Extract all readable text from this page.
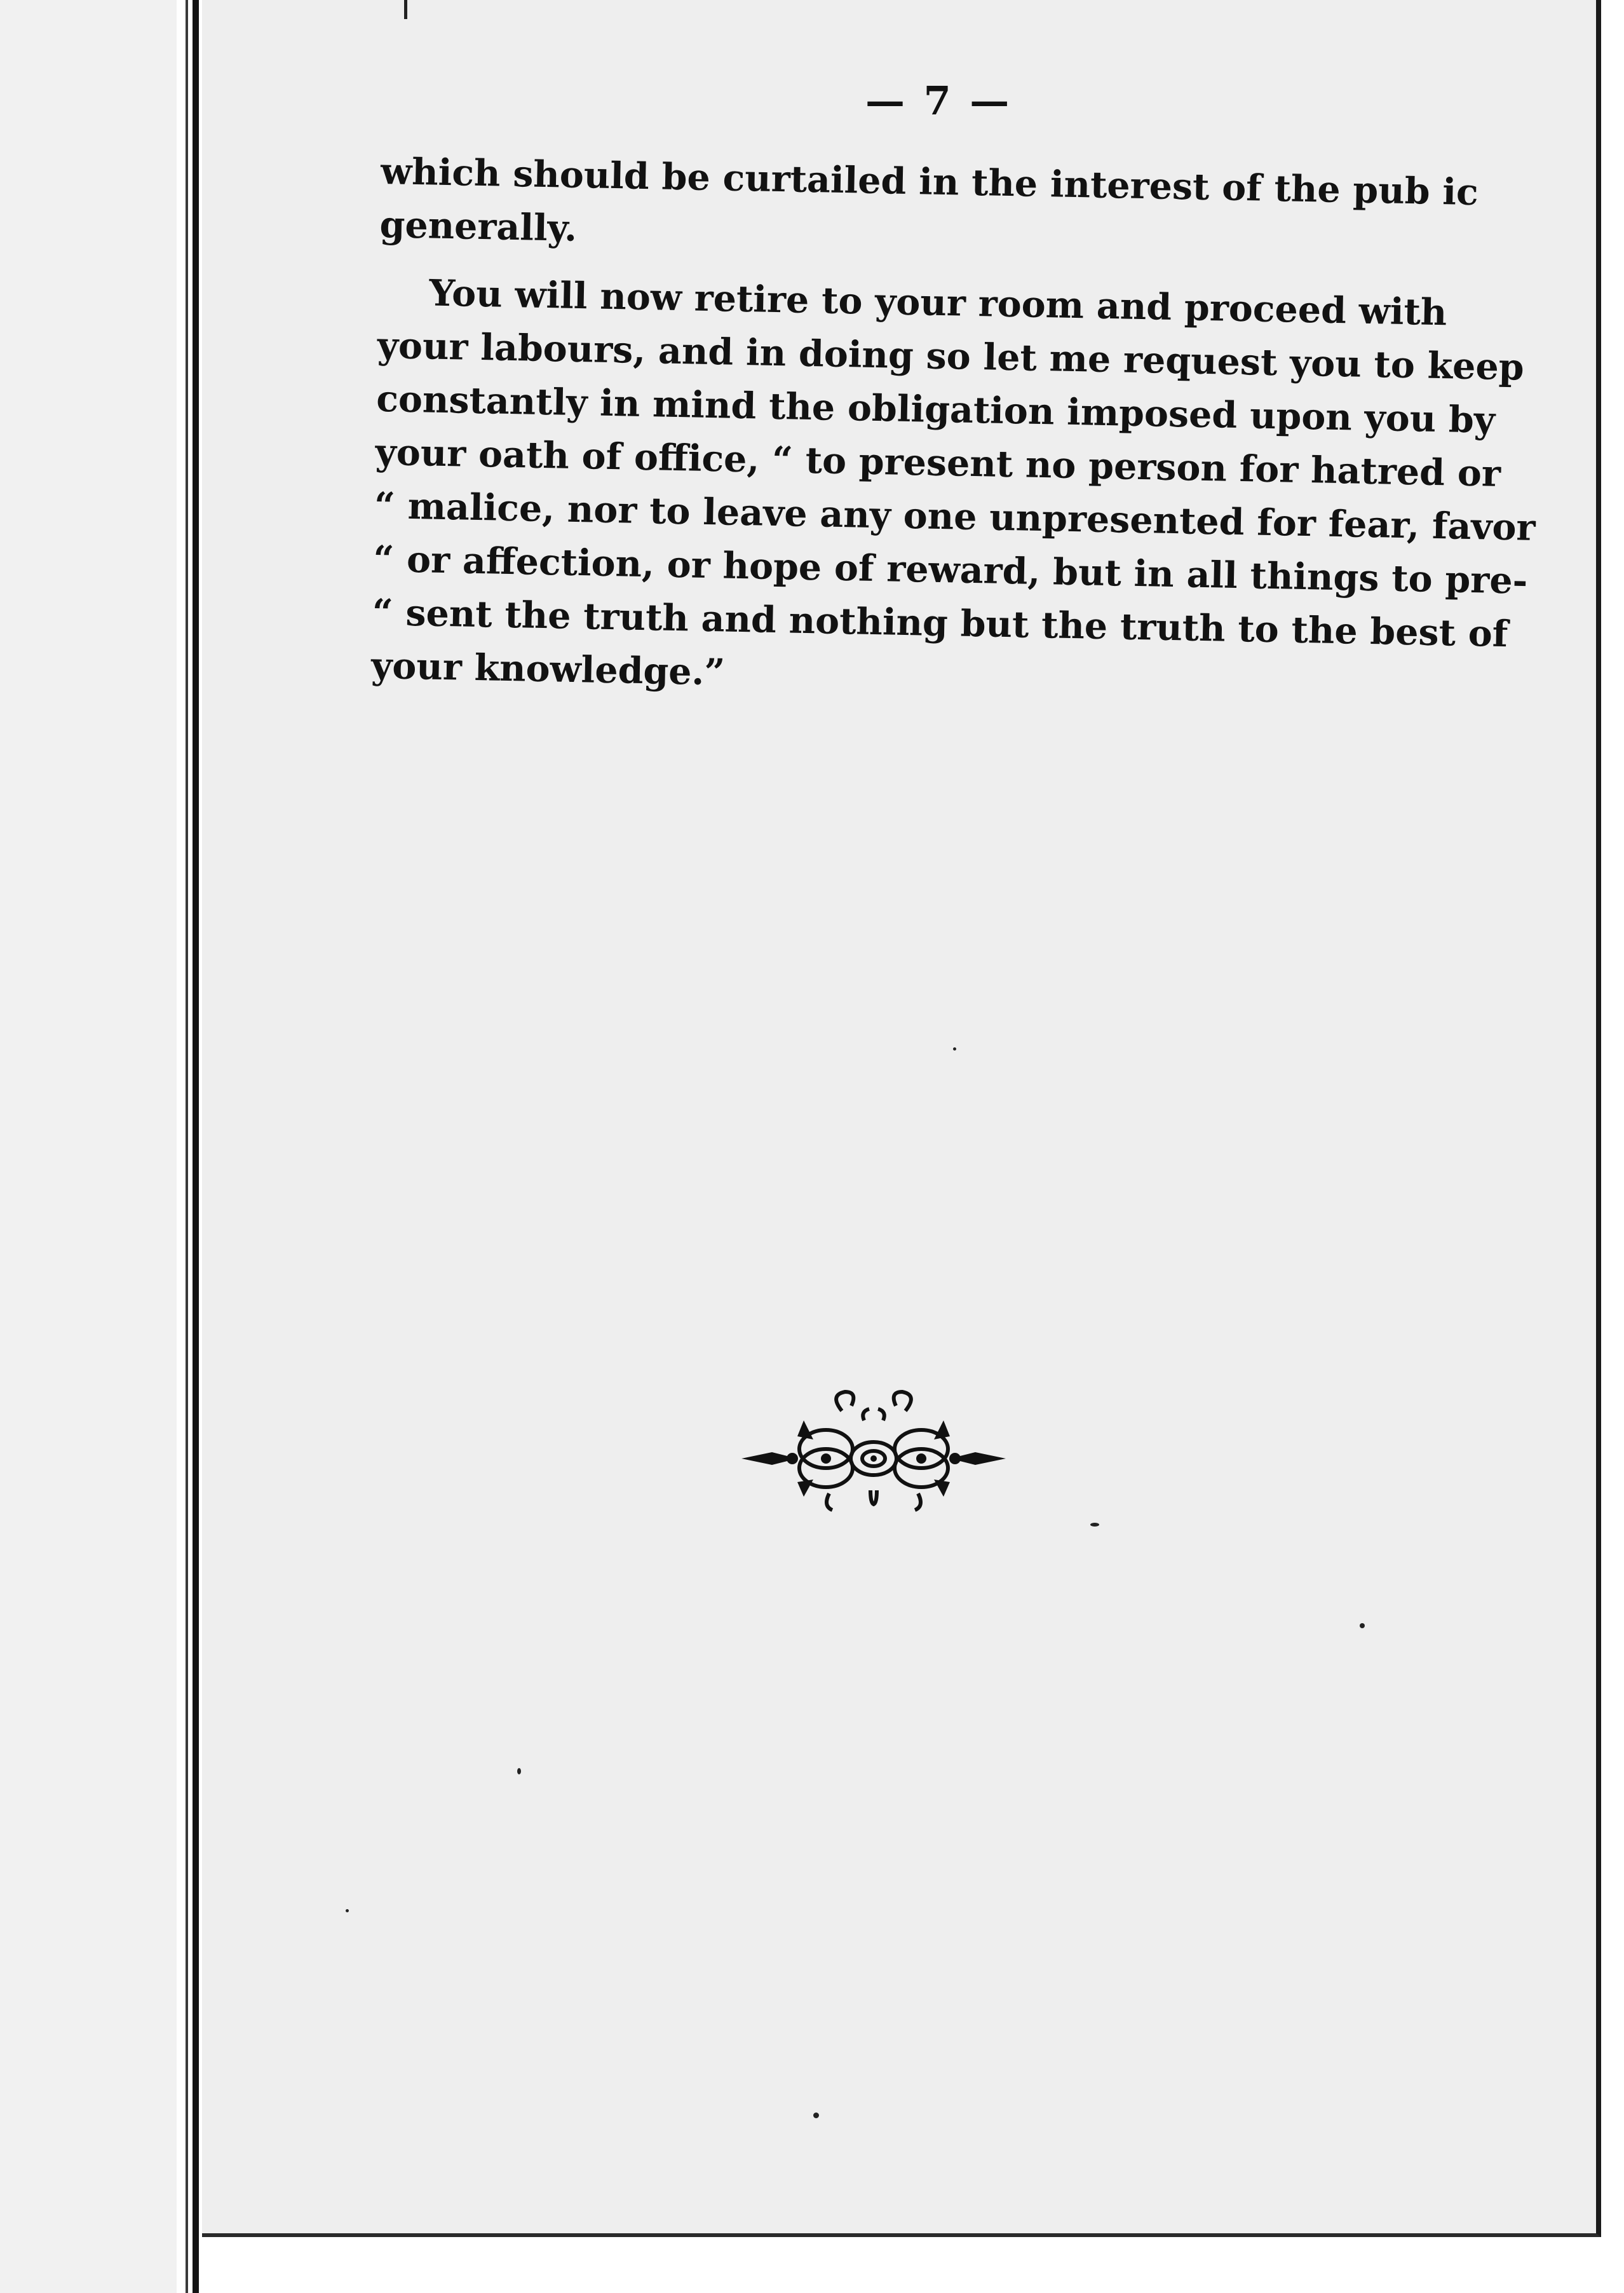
— 7 —
which should be curtailed in the interest of the pub ic
generally.
You will now retire to your room and proceed with
your labours, and in doing so let me request you to keep
constantly in mind the obligation imposed upon you by
your oath of office, “ to present no person for hatred or
“ malice, nor to leave any one unpresented for fear, favor
“ or affection, or hope of reward, but in all things to pre-
“ sent the truth and nothing but the truth to the best of
your knowledge.”
